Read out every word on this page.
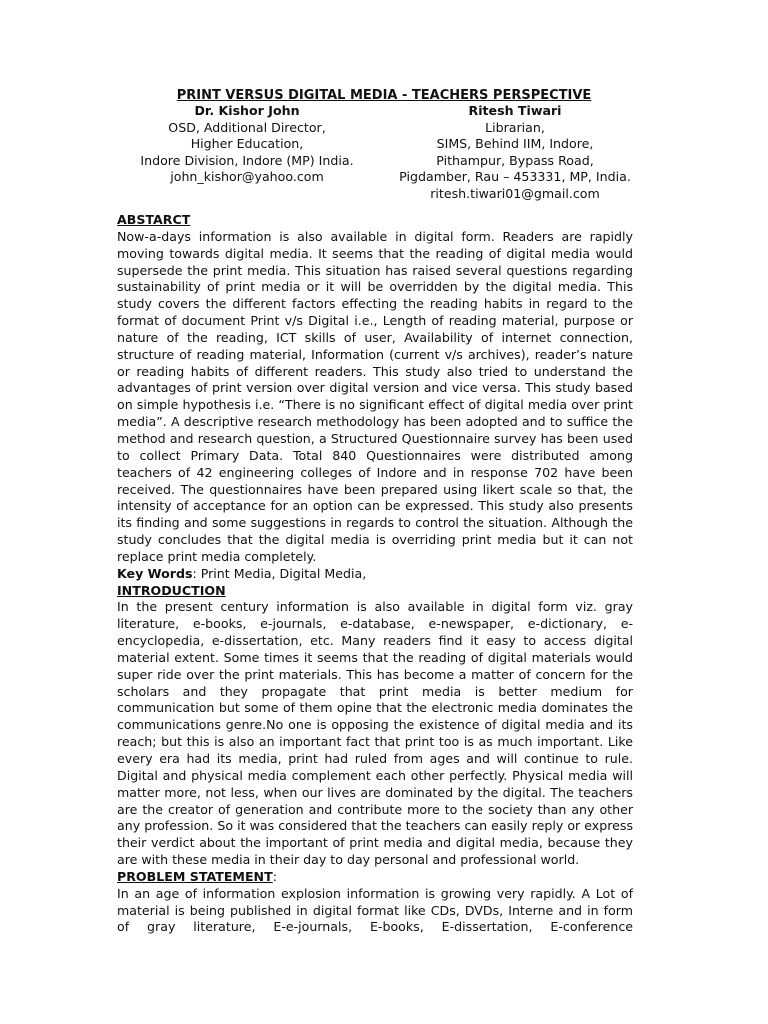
PRINT VERSUS DIGITAL MEDIA - TEACHERS PERSPECTIVE
Dr. Kishor John
OSD, Additional Director,
Higher Education,
Indore Division, Indore (MP) India.
john_kishor@yahoo.com
Ritesh Tiwari
Librarian,
SIMS, Behind IIM, Indore,
Pithampur, Bypass Road,
Pigdamber, Rau – 453331, MP, India.
ritesh.tiwari01@gmail.com
ABSTARCT
Now-a-days information is also available in digital form. Readers are rapidly moving towards digital media. It seems that the reading of digital media would supersede the print media. This situation has raised several questions regarding sustainability of print media or it will be overridden by the digital media. This study covers the different factors effecting the reading habits in regard to the format of document Print v/s Digital i.e., Length of reading material, purpose or nature of the reading, ICT skills of user, Availability of internet connection, structure of reading material, Information (current v/s archives), reader’s nature or reading habits of different readers. This study also tried to understand the advantages of print version over digital version and vice versa. This study based on simple hypothesis i.e. “There is no significant effect of digital media over print media”. A descriptive research methodology has been adopted and to suffice the method and research question, a Structured Questionnaire survey has been used to collect Primary Data. Total 840 Questionnaires were distributed among teachers of 42 engineering colleges of Indore and in response 702 have been received. The questionnaires have been prepared using likert scale so that, the intensity of acceptance for an option can be expressed. This study also presents its finding and some suggestions in regards to control the situation. Although the study concludes that the digital media is overriding print media but it can not replace print media completely.
Key Words: Print Media, Digital Media,
INTRODUCTION
In the present century information is also available in digital form viz. gray literature, e-books, e-journals, e-database, e-newspaper, e-dictionary, e-encyclopedia, e-dissertation, etc. Many readers find it easy to access digital material extent. Some times it seems that the reading of digital materials would super ride over the print materials. This has become a matter of concern for the scholars and they propagate that print media is better medium for communication but some of them opine that the electronic media dominates the communications genre.No one is opposing the existence of digital media and its reach; but this is also an important fact that print too is as much important. Like every era had its media, print had ruled from ages and will continue to rule. Digital and physical media complement each other perfectly. Physical media will matter more, not less, when our lives are dominated by the digital. The teachers are the creator of generation and contribute more to the society than any other any profession. So it was considered that the teachers can easily reply or express their verdict about the important of print media and digital media, because they are with these media in their day to day personal and professional world.
PROBLEM STATEMENT:
In an age of information explosion information is growing very rapidly. A Lot of material is being published in digital format like CDs, DVDs, Interne and in form of gray literature, E-e-journals, E-books, E-dissertation, E-conference
